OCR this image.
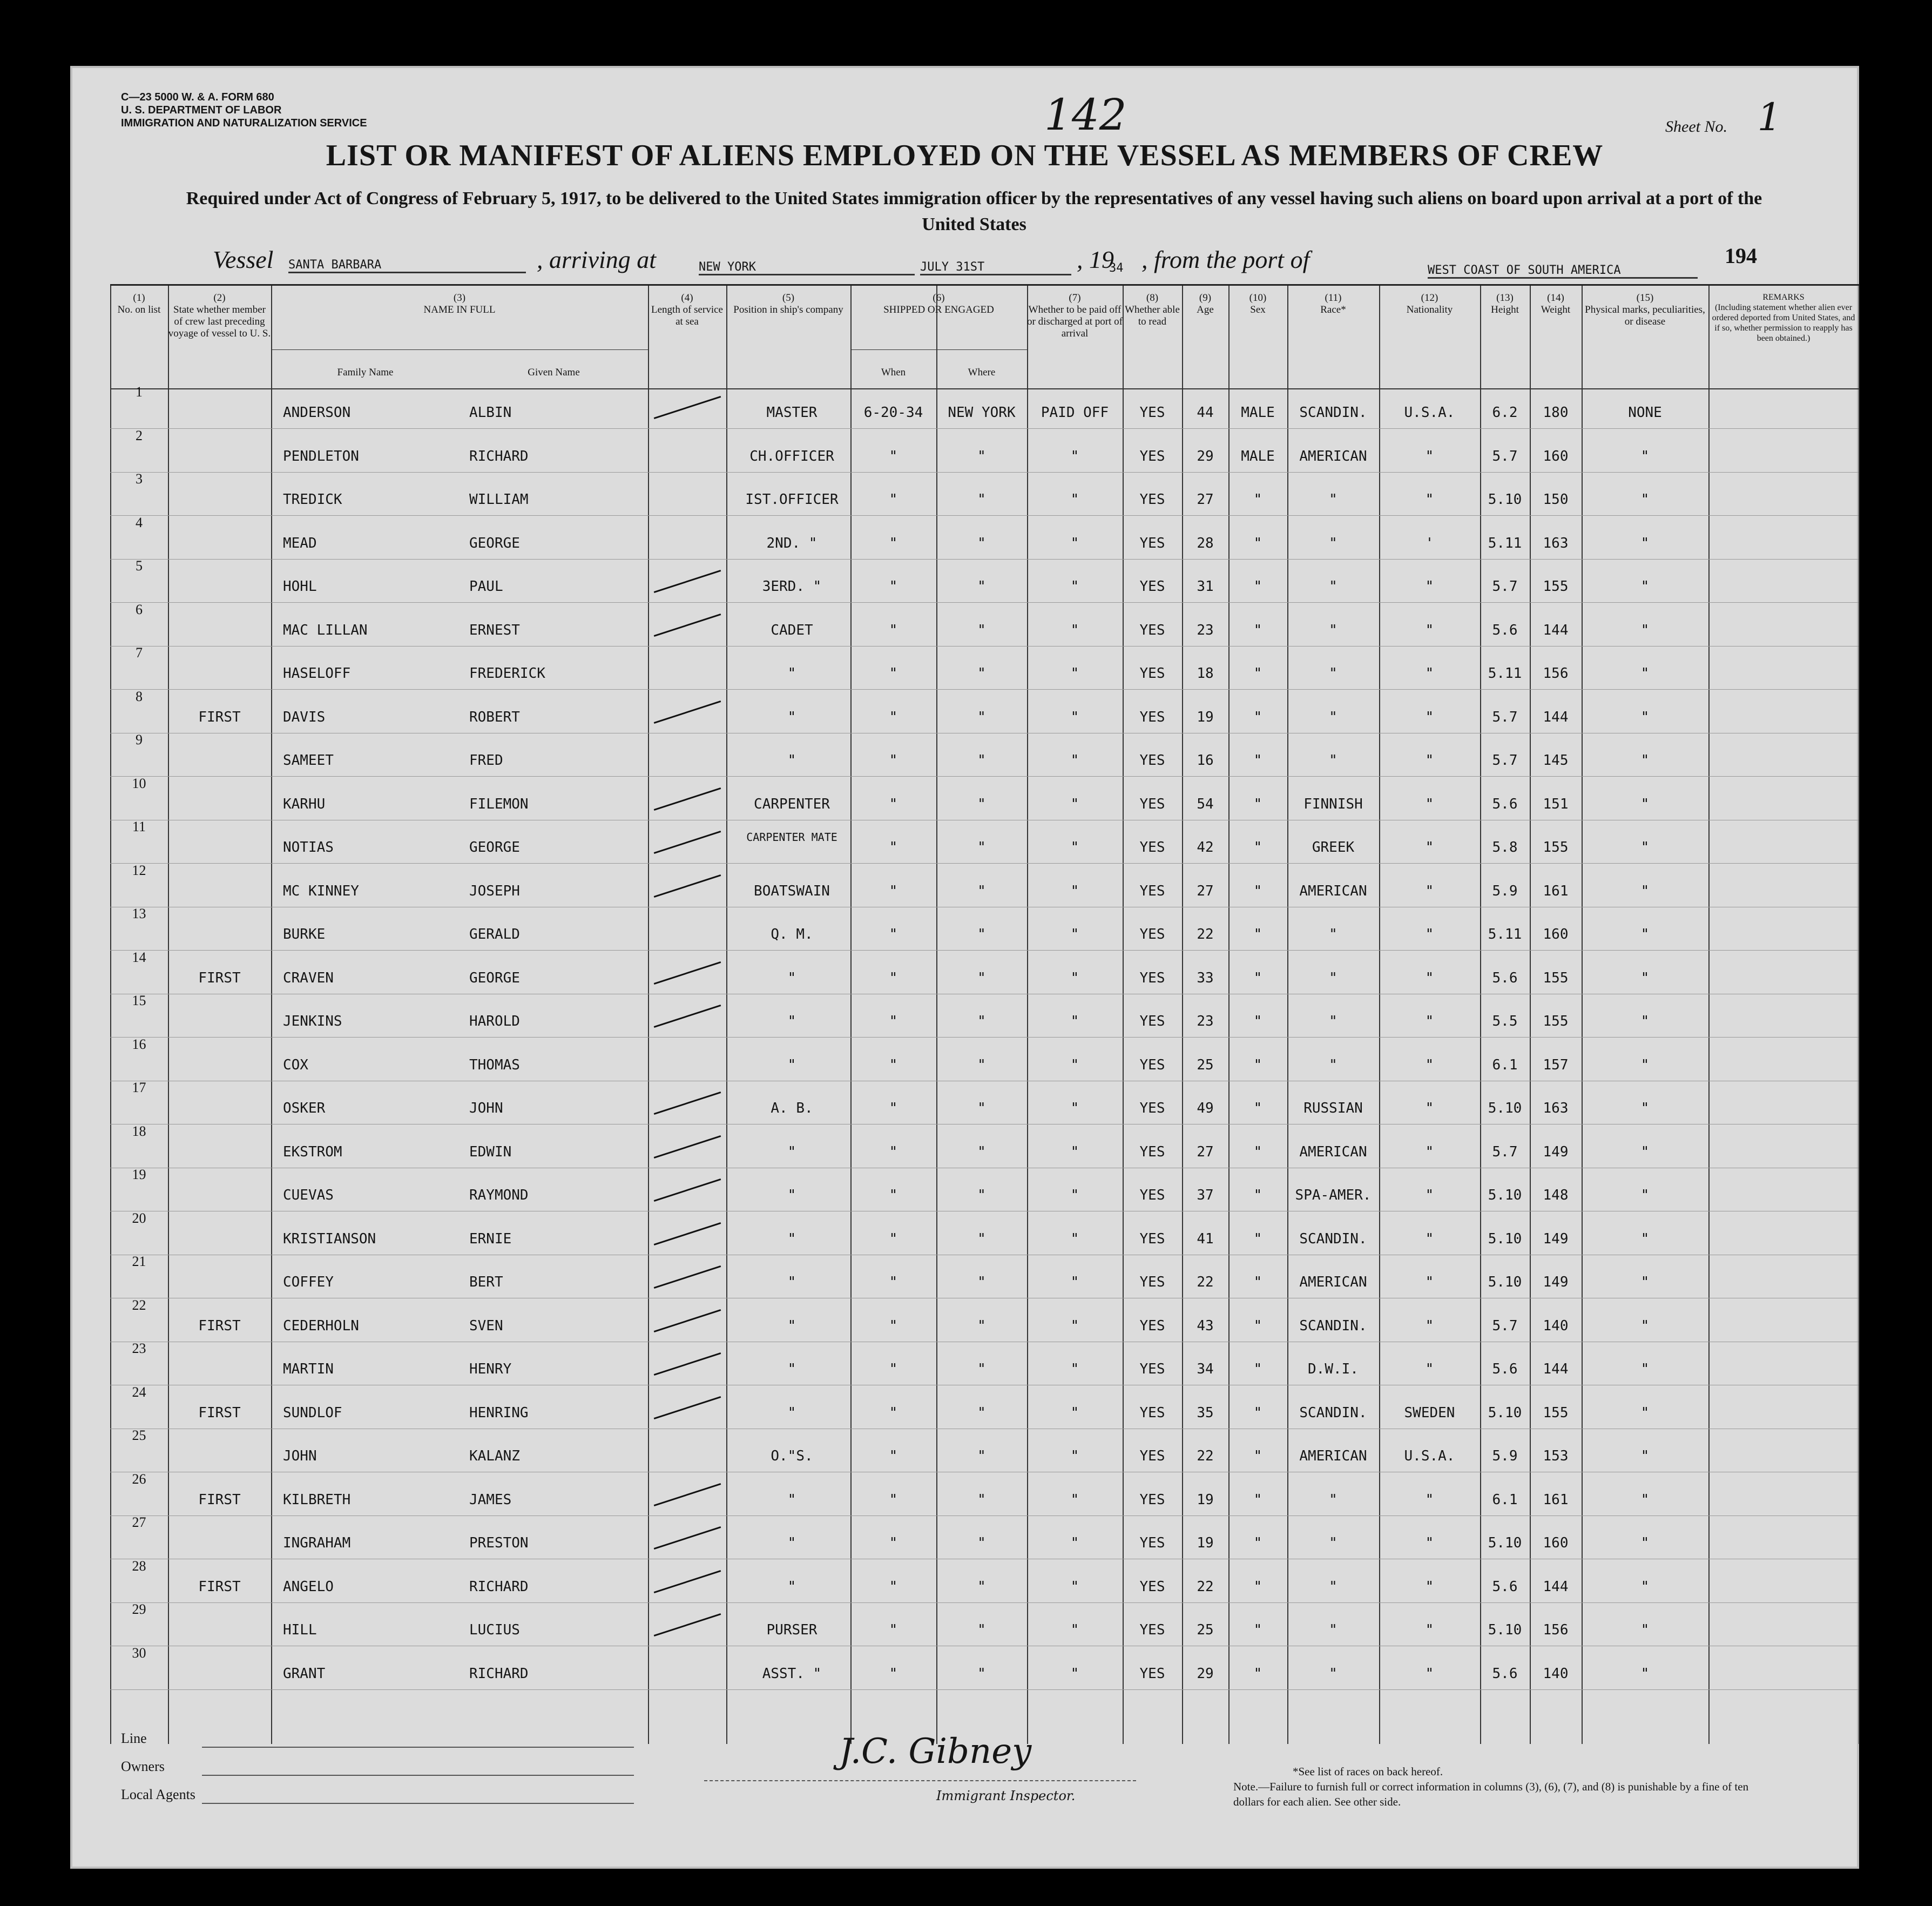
C—23 5000 W. & A. FORM 680
U. S. DEPARTMENT OF LABOR
IMMIGRATION AND NATURALIZATION SERVICE	142	Sheet No. 1
LIST OR MANIFEST OF ALIENS EMPLOYED ON THE VESSEL AS MEMBERS OF CREW
Required under Act of Congress of February 5, 1917, to be delivered to the United States immigration officer by the representatives of any vessel having such aliens on board upon arrival at a port of the United States
Vessel SANTA BARBARA	, arriving at	NEW YORK	JULY 31ST	, 19
34 , from the port of	WEST COAST OF SOUTH AMERICA
194
(1)
No. on list
(2)
State whether member of crew last preceding voyage of vessel to U. S.
(3)
NAME IN FULL
Family Name	Given Name
(4)
Length of service at sea
(5)
Position in ship's company
(6)
SHIPPED OR ENGAGED
When	Where
(7)
Whether to be paid off or discharged at port of arrival
(8)
Whether able to read
(9)
Age
(10)
Sex
(11)
Race*
(12)
Nationality
(13)
Height
(14)
Weight
(15)
Physical marks, peculiarities, or disease
REMARKS
(Including statement whether alien ever ordered deported from United States, and if so, whether permission to reapply has been obtained.)
1
ANDERSON	ALBIN	MASTER	6-20-34	NEW YORK	PAID OFF	YES	44	MALE	SCANDIN.	U.S.A.	6.2	180	NONE
2
PENDLETON	RICHARD	CH.OFFICER	"	"	"	YES	29	MALE	AMERICAN	"	5.7	160	"
3
TREDICK	WILLIAM	IST.OFFICER	"	"	"	YES	27	"	"	"	5.10	150	"
4
MEAD	GEORGE	2ND. "	"	"	"	YES	28	"	"	'	5.11	163	"
5
HOHL	PAUL	3ERD. "	"	"	"	YES	31	"	"	"	5.7	155	"
6
MAC LILLAN	ERNEST	CADET	"	"	"	YES	23	"	"	"	5.6	144	"
7
HASELOFF	FREDERICK	"	"	"	"	YES	18	"	"	"	5.11	156	"
8
FIRST	DAVIS	ROBERT	"	"	"	"	YES	19	"	"	"	5.7	144	"
9
SAMEET	FRED	"	"	"	"	YES	16	"	"	"	5.7	145	"
10
KARHU	FILEMON	CARPENTER	"	"	"	YES	54	"	FINNISH	"	5.6	151	"
11
NOTIAS	GEORGE
CARPENTER MATE
"	"	"	YES	42	"	GREEK	"	5.8	155	"
12
MC KINNEY	JOSEPH	BOATSWAIN	"	"	"	YES	27	"	AMERICAN	"	5.9	161	"
13
BURKE	GERALD	Q. M.	"	"	"	YES	22	"	"	"	5.11	160	"
14
FIRST	CRAVEN	GEORGE	"	"	"	"	YES	33	"	"	"	5.6	155	"
15
JENKINS	HAROLD	"	"	"	"	YES	23	"	"	"	5.5	155	"
16
COX	THOMAS	"	"	"	"	YES	25	"	"	"	6.1	157	"
17
OSKER	JOHN	A. B.	"	"	"	YES	49	"	RUSSIAN	"	5.10	163	"
18
EKSTROM	EDWIN	"	"	"	"	YES	27	"	AMERICAN	"	5.7	149	"
19
CUEVAS	RAYMOND	"	"	"	"	YES	37	"	SPA-AMER.	"	5.10	148	"
20
KRISTIANSON	ERNIE	"	"	"	"	YES	41	"	SCANDIN.	"	5.10	149	"
21
COFFEY	BERT	"	"	"	"	YES	22	"	AMERICAN	"	5.10	149	"
22
FIRST	CEDERHOLN	SVEN	"	"	"	"	YES	43	"	SCANDIN.	"	5.7	140	"
23
MARTIN	HENRY	"	"	"	"	YES	34	"	D.W.I.	"	5.6	144	"
24
FIRST	SUNDLOF	HENRING	"	"	"	"	YES	35	"	SCANDIN.	SWEDEN	5.10	155	"
25
JOHN	KALANZ	O."S.	"	"	"	YES	22	"	AMERICAN	U.S.A.	5.9	153	"
26
FIRST	KILBRETH	JAMES	"	"	"	"	YES	19	"	"	"	6.1	161	"
27
INGRAHAM	PRESTON	"	"	"	"	YES	19	"	"	"	5.10	160	"
28
FIRST	ANGELO	RICHARD	"	"	"	"	YES	22	"	"	"	5.6	144	"
29
HILL	LUCIUS	PURSER	"	"	"	YES	25	"	"	"	5.10	156	"
30
GRANT	RICHARD	ASST. "	"	"	"	YES	29	"	"	"	5.6	140	"
Line
Owners
Local Agents
J.C. Gibney
Immigrant Inspector.
*See list of races on back hereof.
Note.—Failure to furnish full or correct information in columns (3), (6), (7), and (8) is punishable by a fine of ten dollars for each alien. See other side.
